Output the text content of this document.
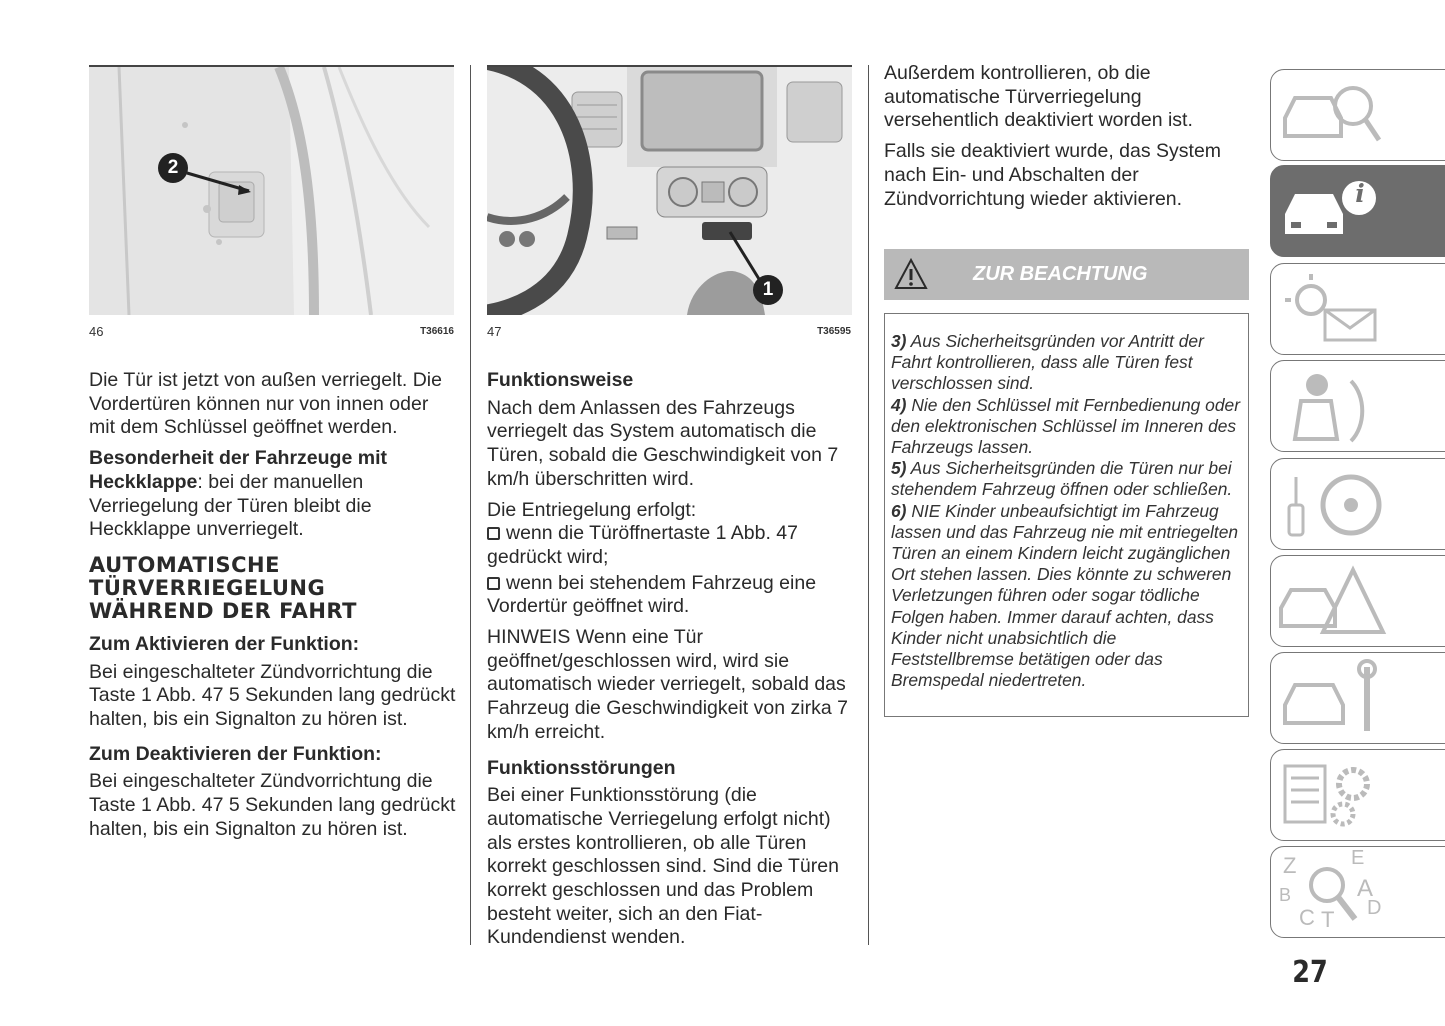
2
46	T36616
1
47	T36595

Die Tür ist jetzt von außen verriegelt. Die Vordertüren können nur von innen oder mit dem Schlüssel geöffnet werden.

Besonderheit der Fahrzeuge mit Heckklappe: bei der manuellen Verriegelung der Türen bleibt die Heckklappe unverriegelt.

AUTOMATISCHE
TÜRVERRIEGELUNG
WÄHREND DER FAHRT
Zum Aktivieren der Funktion:

Bei eingeschalteter Zündvorrichtung die Taste 1 Abb. 47 5 Sekunden lang gedrückt halten, bis ein Signalton zu hören ist.

Zum Deaktivieren der Funktion:

Bei eingeschalteter Zündvorrichtung die Taste 1 Abb. 47 5 Sekunden lang gedrückt halten, bis ein Signalton zu hören ist.

Funktionsweise

Nach dem Anlassen des Fahrzeugs verriegelt das System automatisch die Türen, sobald die Geschwindigkeit von 7 km/h überschritten wird.

Die Entriegelung erfolgt:

wenn die Türöffnertaste 1 Abb. 47 gedrückt wird;

wenn bei stehendem Fahrzeug eine Vordertür geöffnet wird.

HINWEIS Wenn eine Tür geöffnet/geschlossen wird, wird sie automatisch wieder verriegelt, sobald das Fahrzeug die Geschwindigkeit von zirka 7 km/h erreicht.

Funktionsstörungen

Bei einer Funktionsstörung (die automatische Verriegelung erfolgt nicht) als erstes kontrollieren, ob alle Türen korrekt geschlossen sind. Sind die Türen korrekt geschlossen und das Problem besteht weiter, sich an den Fiat-Kundendienst wenden.

Außerdem kontrollieren, ob die automatische Türverriegelung versehentlich deaktiviert worden ist.

Falls sie deaktiviert wurde, das System nach Ein- und Abschalten der Zündvorrichtung wieder aktivieren.

ZUR BEACHTUNG
3) Aus Sicherheitsgründen vor Antritt der Fahrt kontrollieren, dass alle Türen fest verschlossen sind.
4) Nie den Schlüssel mit Fernbedienung oder den elektronischen Schlüssel im Inneren des Fahrzeugs lassen.
5) Aus Sicherheitsgründen die Türen nur bei stehendem Fahrzeug öffnen oder schließen.
6) NIE Kinder unbeaufsichtigt im Fahrzeug lassen und das Fahrzeug nie mit entriegelten Türen an einem Kindern leicht zugänglichen Ort stehen lassen. Dies könnte zu schweren Verletzungen führen oder sogar tödliche Folgen haben. Immer darauf achten, dass Kinder nicht unabsichtlich die Feststellbremse betätigen oder das Bremspedal niedertreten.
i
Z	E
B	A
C T D
27
